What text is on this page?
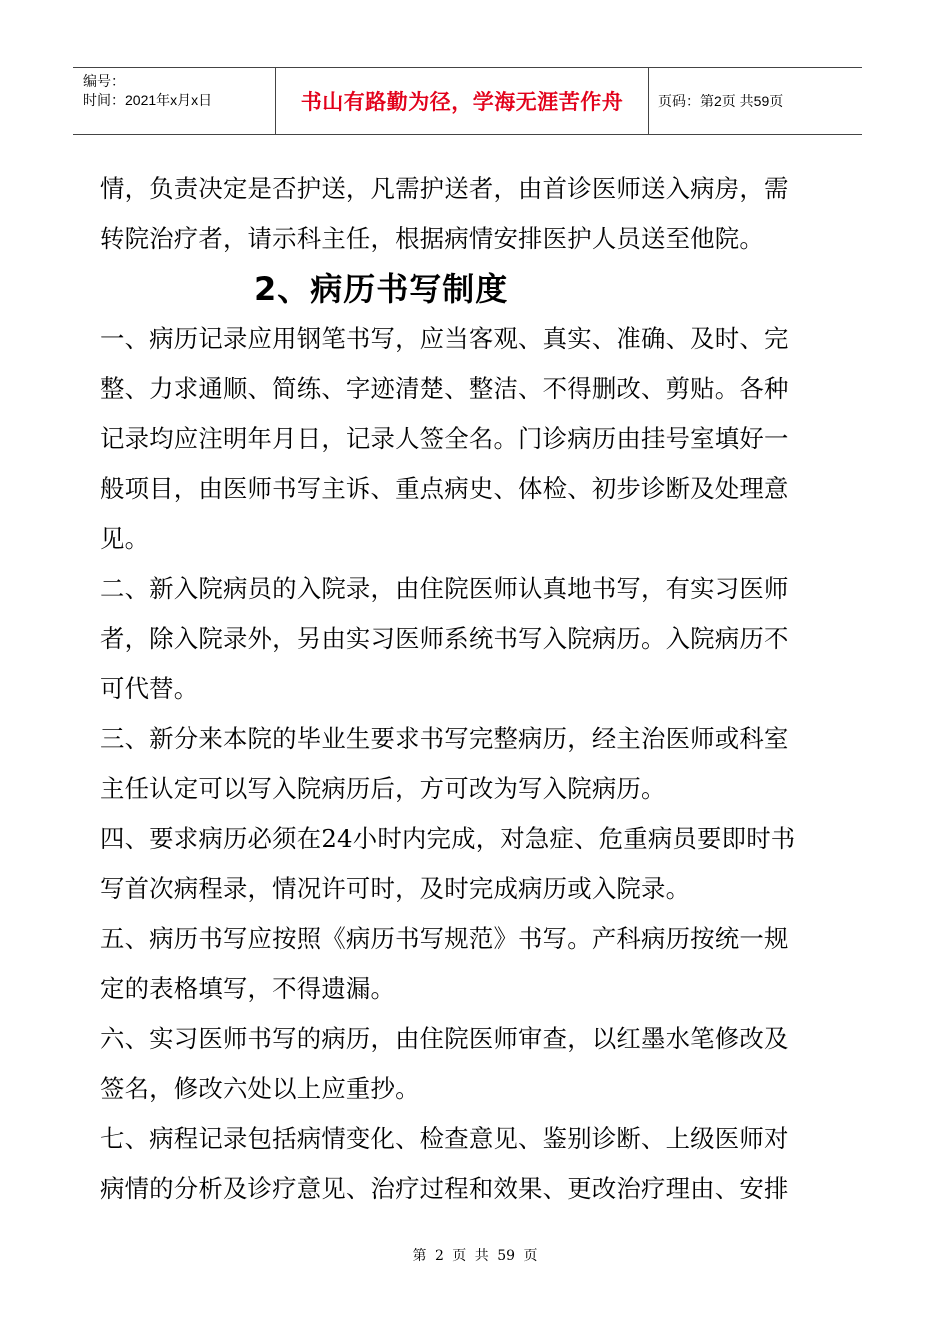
编号：
时间：2021年x月x日	书山有路勤为径，学海无涯苦作舟	页码：第2页 共59页

情，负责决定是否护送，凡需护送者，由首诊医师送入病房，需

转院治疗者，请示科主任，根据病情安排医护人员送至他院。

2、病历书写制度

一、病历记录应用钢笔书写，应当客观、真实、准确、及时、完

整、力求通顺、简练、字迹清楚、整洁、不得删改、剪贴。各种

记录均应注明年月日，记录人签全名。门诊病历由挂号室填好一

般项目，由医师书写主诉、重点病史、体检、初步诊断及处理意

见。

二、新入院病员的入院录，由住院医师认真地书写，有实习医师

者，除入院录外，另由实习医师系统书写入院病历。入院病历不

可代替。

三、新分来本院的毕业生要求书写完整病历，经主治医师或科室

主任认定可以写入院病历后，方可改为写入院病历。

四、要求病历必须在24小时内完成，对急症、危重病员要即时书

写首次病程录，情况许可时，及时完成病历或入院录。

五、病历书写应按照《病历书写规范》书写。产科病历按统一规

定的表格填写，不得遗漏。

六、实习医师书写的病历，由住院医师审查，以红墨水笔修改及

签名，修改六处以上应重抄。

七、病程记录包括病情变化、检查意见、鉴别诊断、上级医师对

病情的分析及诊疗意见、治疗过程和效果、更改治疗理由、安排

第 2 页 共 59 页
